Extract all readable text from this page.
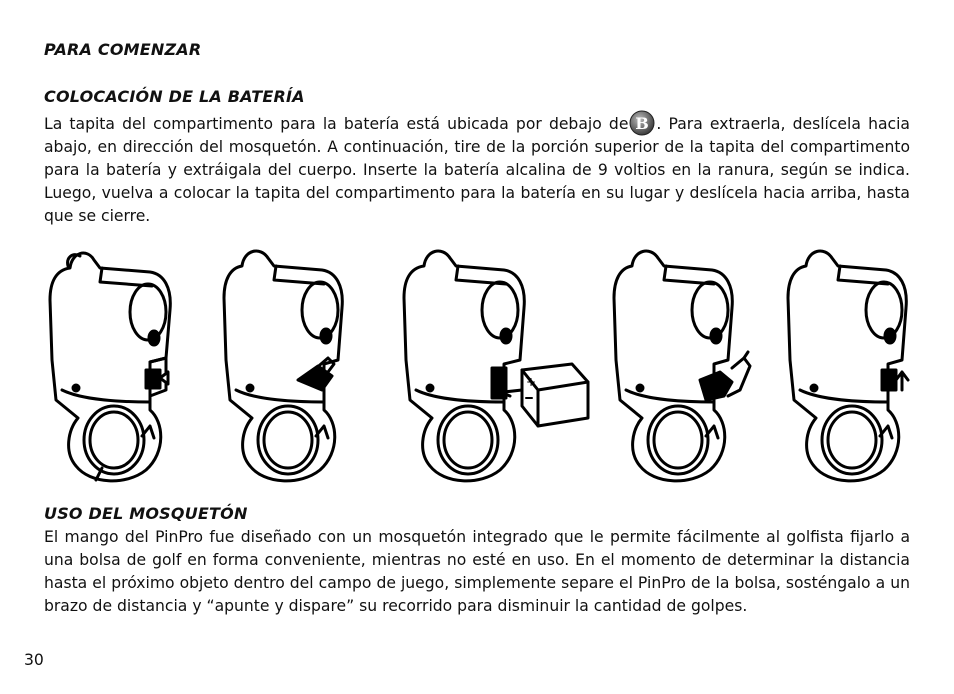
PARA COMENZAR
COLOCACIÓN DE LA BATERÍA
La tapita del compartimento para la batería está ubicada por debajo de B . Para extraerla, deslícela hacia abajo, en dirección del mosquetón. A continuación, tire de la porción superior de la tapita del compartimento para la batería y extráigala del cuerpo. Inserte la batería alcalina de 9 voltios en la ranura, según se indica. Luego, vuelva a colocar la tapita del compartimento para la batería en su lugar y deslícela hacia arriba, hasta que se cierre.
+
USO DEL MOSQUETÓN
El mango del PinPro fue diseñado con un mosquetón integrado que le permite fácilmente al golfista fijarlo a una bolsa de golf en forma conveniente, mientras no esté en uso. En el momento de determinar la distancia hasta el próximo objeto dentro del campo de juego, simplemente separe el PinPro de la bolsa, sosténgalo a un brazo de distancia y “apunte y dispare” su recorrido para disminuir la cantidad de golpes.
30
